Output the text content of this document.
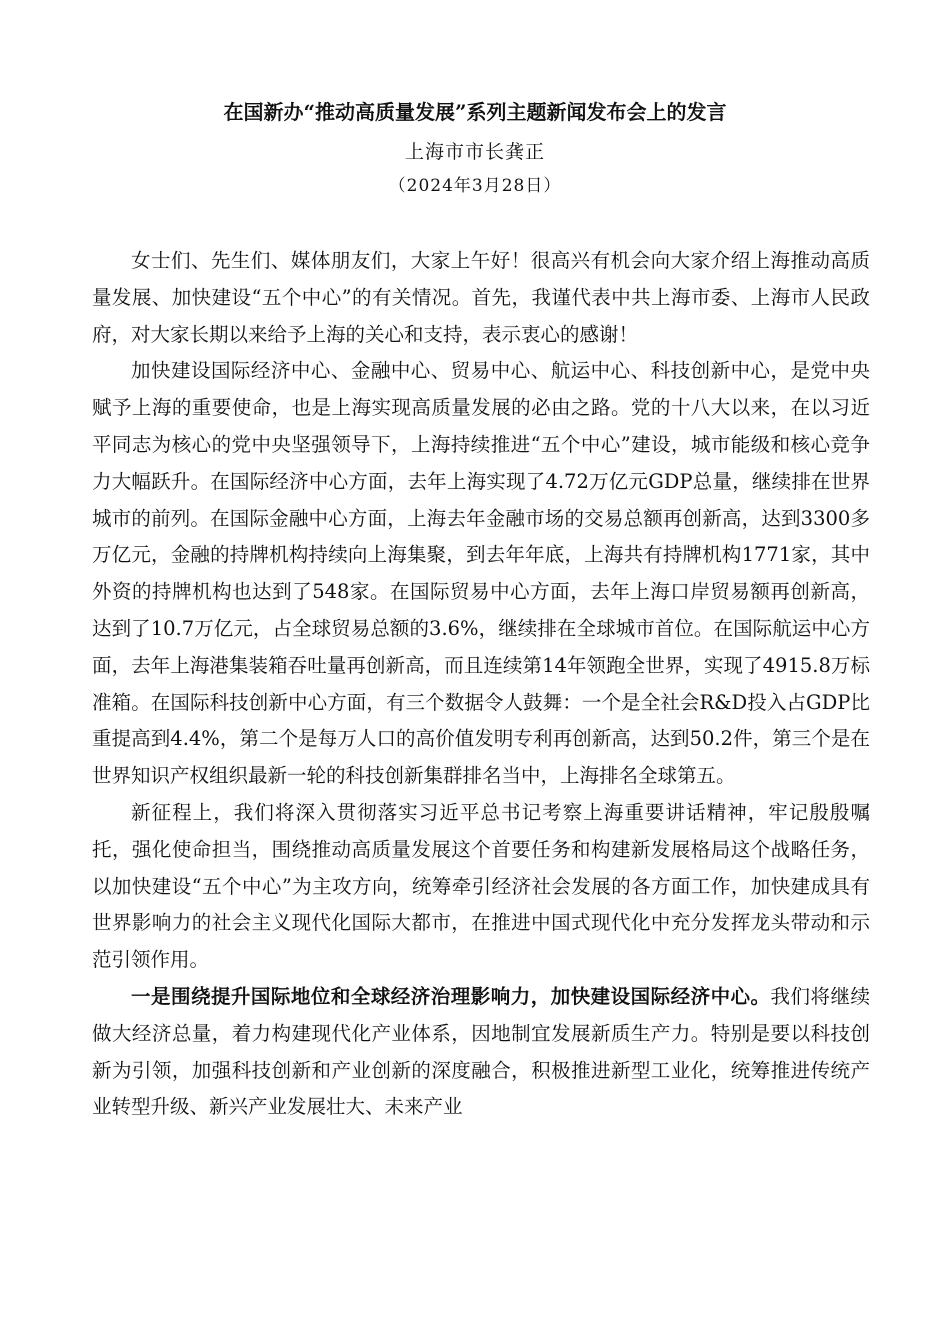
在国新办“推动高质量发展”系列主题新闻发布会上的发言
上海市市长龚正
（2024年3月28日）

女士们、先生们、媒体朋友们，大家上午好！很高兴有机会向大家介绍上海推动高质量发展、加快建设“五个中心”的有关情况。首先，我谨代表中共上海市委、上海市人民政府，对大家长期以来给予上海的关心和支持，表示衷心的感谢！

加快建设国际经济中心、金融中心、贸易中心、航运中心、科技创新中心，是党中央赋予上海的重要使命，也是上海实现高质量发展的必由之路。党的十八大以来，在以习近平同志为核心的党中央坚强领导下，上海持续推进“五个中心”建设，城市能级和核心竞争力大幅跃升。在国际经济中心方面，去年上海实现了4.72万亿元GDP总量，继续排在世界城市的前列。在国际金融中心方面，上海去年金融市场的交易总额再创新高，达到3300多万亿元，金融的持牌机构持续向上海集聚，到去年年底，上海共有持牌机构1771家，其中外资的持牌机构也达到了548家。在国际贸易中心方面，去年上海口岸贸易额再创新高，达到了10.7万亿元，占全球贸易总额的3.6%，继续排在全球城市首位。在国际航运中心方面，去年上海港集装箱吞吐量再创新高，而且连续第14年领跑全世界，实现了4915.8万标准箱。在国际科技创新中心方面，有三个数据令人鼓舞：一个是全社会R&D投入占GDP比重提高到4.4%，第二个是每万人口的高价值发明专利再创新高，达到50.2件，第三个是在世界知识产权组织最新一轮的科技创新集群排名当中，上海排名全球第五。

新征程上，我们将深入贯彻落实习近平总书记考察上海重要讲话精神，牢记殷殷嘱托，强化使命担当，围绕推动高质量发展这个首要任务和构建新发展格局这个战略任务，以加快建设“五个中心”为主攻方向，统筹牵引经济社会发展的各方面工作，加快建成具有世界影响力的社会主义现代化国际大都市，在推进中国式现代化中充分发挥龙头带动和示范引领作用。

一是围绕提升国际地位和全球经济治理影响力，加快建设国际经济中心。我们将继续做大经济总量，着力构建现代化产业体系，因地制宜发展新质生产力。特别是要以科技创新为引领，加强科技创新和产业创新的深度融合，积极推进新型工业化，统筹推进传统产业转型升级、新兴产业发展壮大、未来产业
